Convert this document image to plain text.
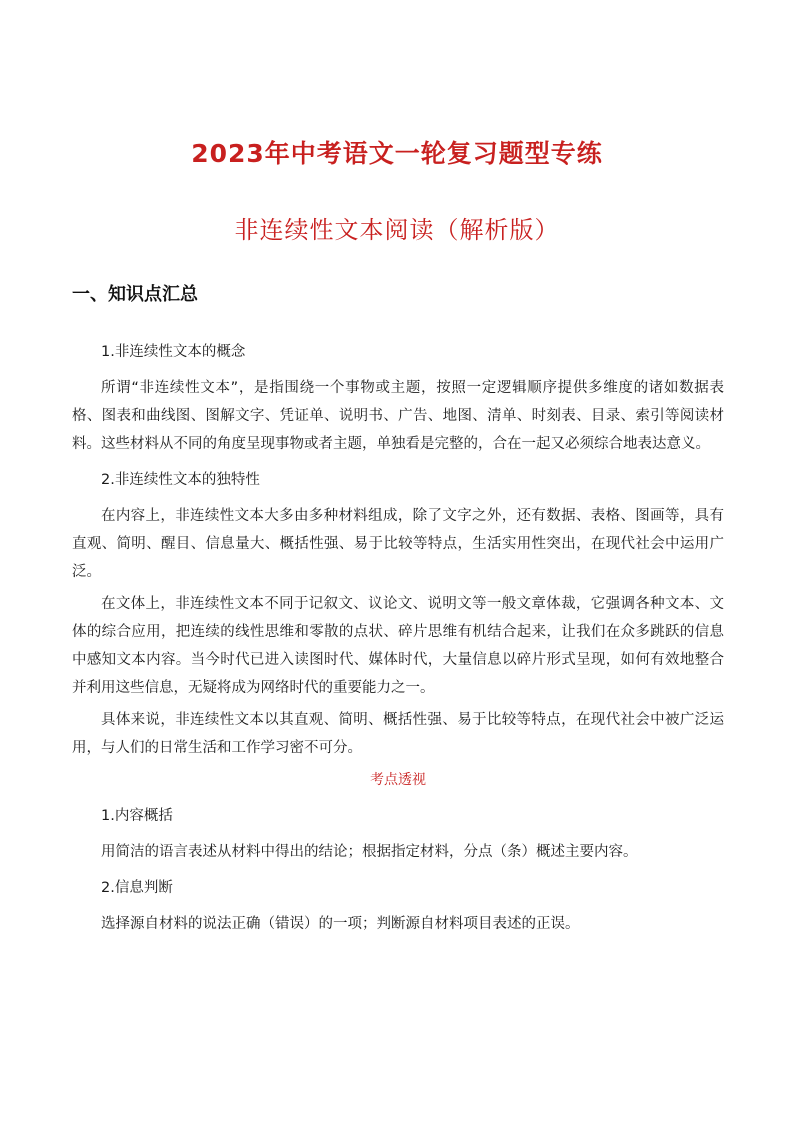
2023年中考语文一轮复习题型专练
非连续性文本阅读（解析版）
一、知识点汇总

1.非连续性文本的概念

所谓“非连续性文本”，是指围绕一个事物或主题，按照一定逻辑顺序提供多维度的诸如数据表格、图表和曲线图、图解文字、凭证单、说明书、广告、地图、清单、时刻表、目录、索引等阅读材料。这些材料从不同的角度呈现事物或者主题，单独看是完整的，合在一起又必须综合地表达意义。

2.非连续性文本的独特性

在内容上，非连续性文本大多由多种材料组成，除了文字之外，还有数据、表格、图画等，具有直观、简明、醒目、信息量大、概括性强、易于比较等特点，生活实用性突出，在现代社会中运用广泛。

在文体上，非连续性文本不同于记叙文、议论文、说明文等一般文章体裁，它强调各种文本、文体的综合应用，把连续的线性思维和零散的点状、碎片思维有机结合起来，让我们在众多跳跃的信息中感知文本内容。当今时代已进入读图时代、媒体时代，大量信息以碎片形式呈现，如何有效地整合并利用这些信息，无疑将成为网络时代的重要能力之一。

具体来说，非连续性文本以其直观、简明、概括性强、易于比较等特点，在现代社会中被广泛运用，与人们的日常生活和工作学习密不可分。

考点透视

1.内容概括

用简洁的语言表述从材料中得出的结论；根据指定材料，分点（条）概述主要内容。

2.信息判断

选择源自材料的说法正确（错误）的一项；判断源自材料项目表述的正误。
